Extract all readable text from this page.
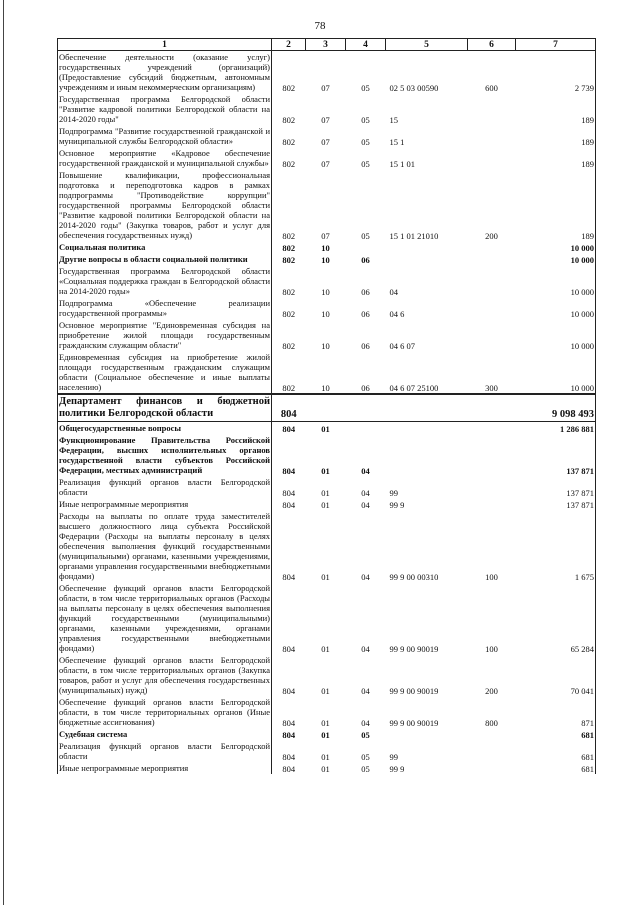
78
1	2	3	4	5	6	7
Обеспечение деятельности (оказание услуг) государственных учреждений (организаций) (Предоставление субсидий бюджетным, автономным учреждениям и иным некоммерческим организациям)	802	07	05	02 5 03 00590	600	2 739
Государственная программа Белгородской области "Развитие кадровой политики Белгородской области на 2014-2020 годы"	802	07	05	15		189
Подпрограмма "Развитие государственной гражданской и муниципальной службы Белгородской области»	802	07	05	15 1		189
Основное мероприятие «Кадровое обеспечение государственной гражданской и муниципальной службы»	802	07	05	15 1 01		189
Повышение квалификации, профессиональная подготовка и переподготовка кадров в рамках подпрограммы "Противодействие коррупции" государственной программы Белгородской области "Развитие кадровой политики Белгородской области на 2014-2020 годы" (Закупка товаров, работ и услуг для обеспечения государственных нужд)	802	07	05	15 1 01 21010	200	189
Социальная политика	802	10				10 000
Другие вопросы в области социальной политики	802	10	06			10 000
Государственная программа Белгородской области «Социальная поддержка граждан в Белгородской области на 2014-2020 годы»	802	10	06	04		10 000
Подпрограмма «Обеспечение реализации государственной программы»	802	10	06	04 6		10 000
Основное мероприятие "Единовременная субсидия на приобретение жилой площади государственным гражданским служащим области"	802	10	06	04 6 07		10 000
Единовременная субсидия на приобретение жилой площади государственным гражданским служащим области (Социальное обеспечение и иные выплаты населению)	802	10	06	04 6 07 25100	300	10 000
Департамент финансов и бюджетной политики Белгородской области	804					9 098 493
Общегосударственные вопросы	804	01				1 286 881
Функционирование Правительства Российской Федерации, высших исполнительных органов государственной власти субъектов Российской Федерации, местных администраций	804	01	04			137 871
Реализация функций органов власти Белгородской области	804	01	04	99		137 871
Иные непрограммные мероприятия	804	01	04	99 9		137 871
Расходы на выплаты по оплате труда заместителей высшего должностного лица субъекта Российской Федерации (Расходы на выплаты персоналу в целях обеспечения выполнения функций государственными (муниципальными) органами, казенными учреждениями, органами управления государственными внебюджетными фондами)	804	01	04	99 9 00 00310	100	1 675
Обеспечение функций органов власти Белгородской области, в том числе территориальных органов (Расходы на выплаты персоналу в целях обеспечения выполнения функций государственными (муниципальными) органами, казенными учреждениями, органами управления государственными внебюджетными фондами)	804	01	04	99 9 00 90019	100	65 284
Обеспечение функций органов власти Белгородской области, в том числе территориальных органов (Закупка товаров, работ и услуг для обеспечения государственных (муниципальных) нужд)	804	01	04	99 9 00 90019	200	70 041
Обеспечение функций органов власти Белгородской области, в том числе территориальных органов (Иные бюджетные ассигнования)	804	01	04	99 9 00 90019	800	871
Судебная система	804	01	05			681
Реализация функций органов власти Белгородской области	804	01	05	99		681
Иные непрограммные мероприятия	804	01	05	99 9		681
